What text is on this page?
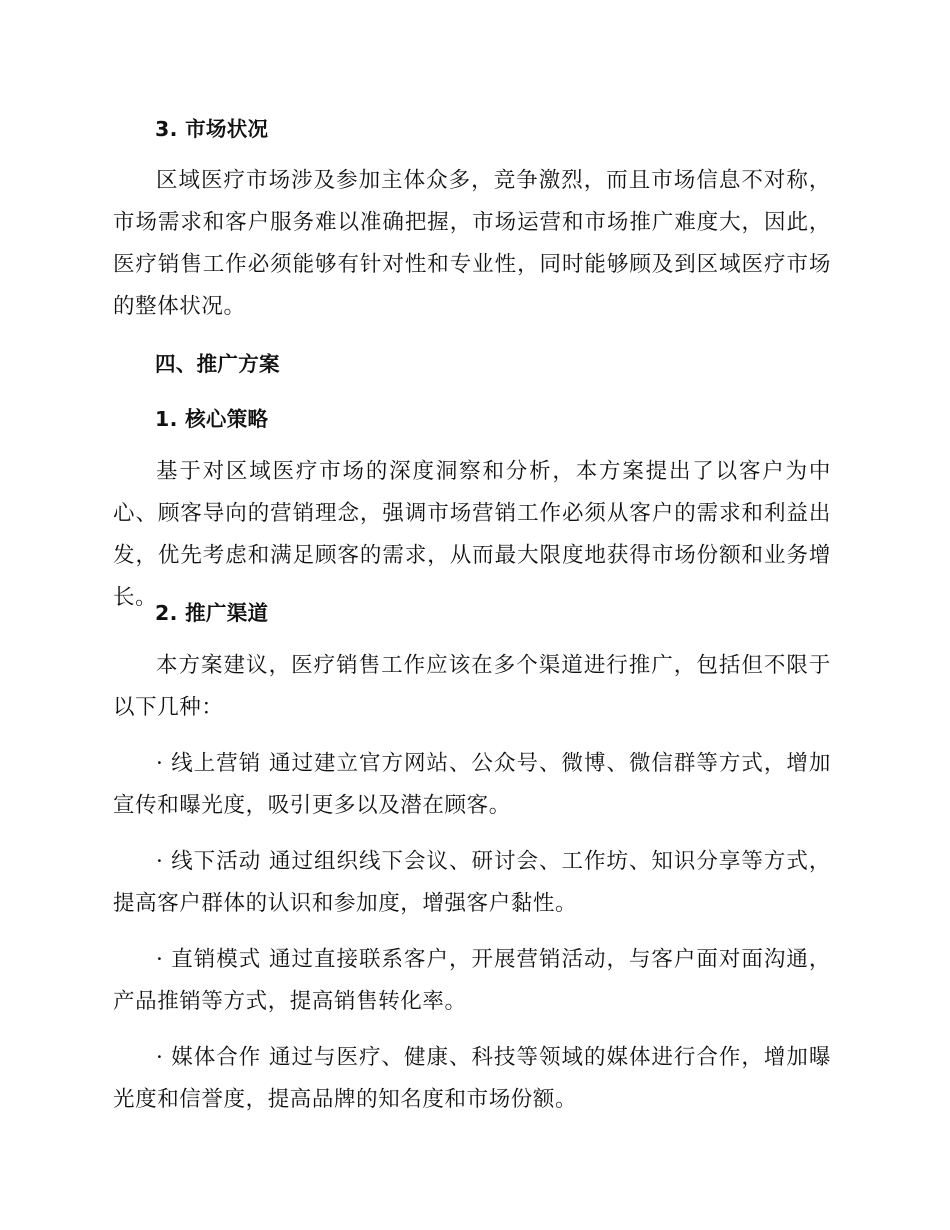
3. 市场状况

区域医疗市场涉及参加主体众多，竞争激烈，而且市场信息不对称，市场需求和客户服务难以准确把握，市场运营和市场推广难度大，因此，医疗销售工作必须能够有针对性和专业性，同时能够顾及到区域医疗市场的整体状况。

四、推广方案
1. 核心策略

基于对区域医疗市场的深度洞察和分析，本方案提出了以客户为中心、顾客导向的营销理念，强调市场营销工作必须从客户的需求和利益出发，优先考虑和满足顾客的需求，从而最大限度地获得市场份额和业务增长。

2. 推广渠道

本方案建议，医疗销售工作应该在多个渠道进行推广，包括但不限于以下几种：

· 线上营销 通过建立官方网站、公众号、微博、微信群等方式，增加宣传和曝光度，吸引更多以及潜在顾客。

· 线下活动 通过组织线下会议、研讨会、工作坊、知识分享等方式，提高客户群体的认识和参加度，增强客户黏性。

· 直销模式 通过直接联系客户，开展营销活动，与客户面对面沟通，产品推销等方式，提高销售转化率。

· 媒体合作 通过与医疗、健康、科技等领域的媒体进行合作，增加曝光度和信誉度，提高品牌的知名度和市场份额。
